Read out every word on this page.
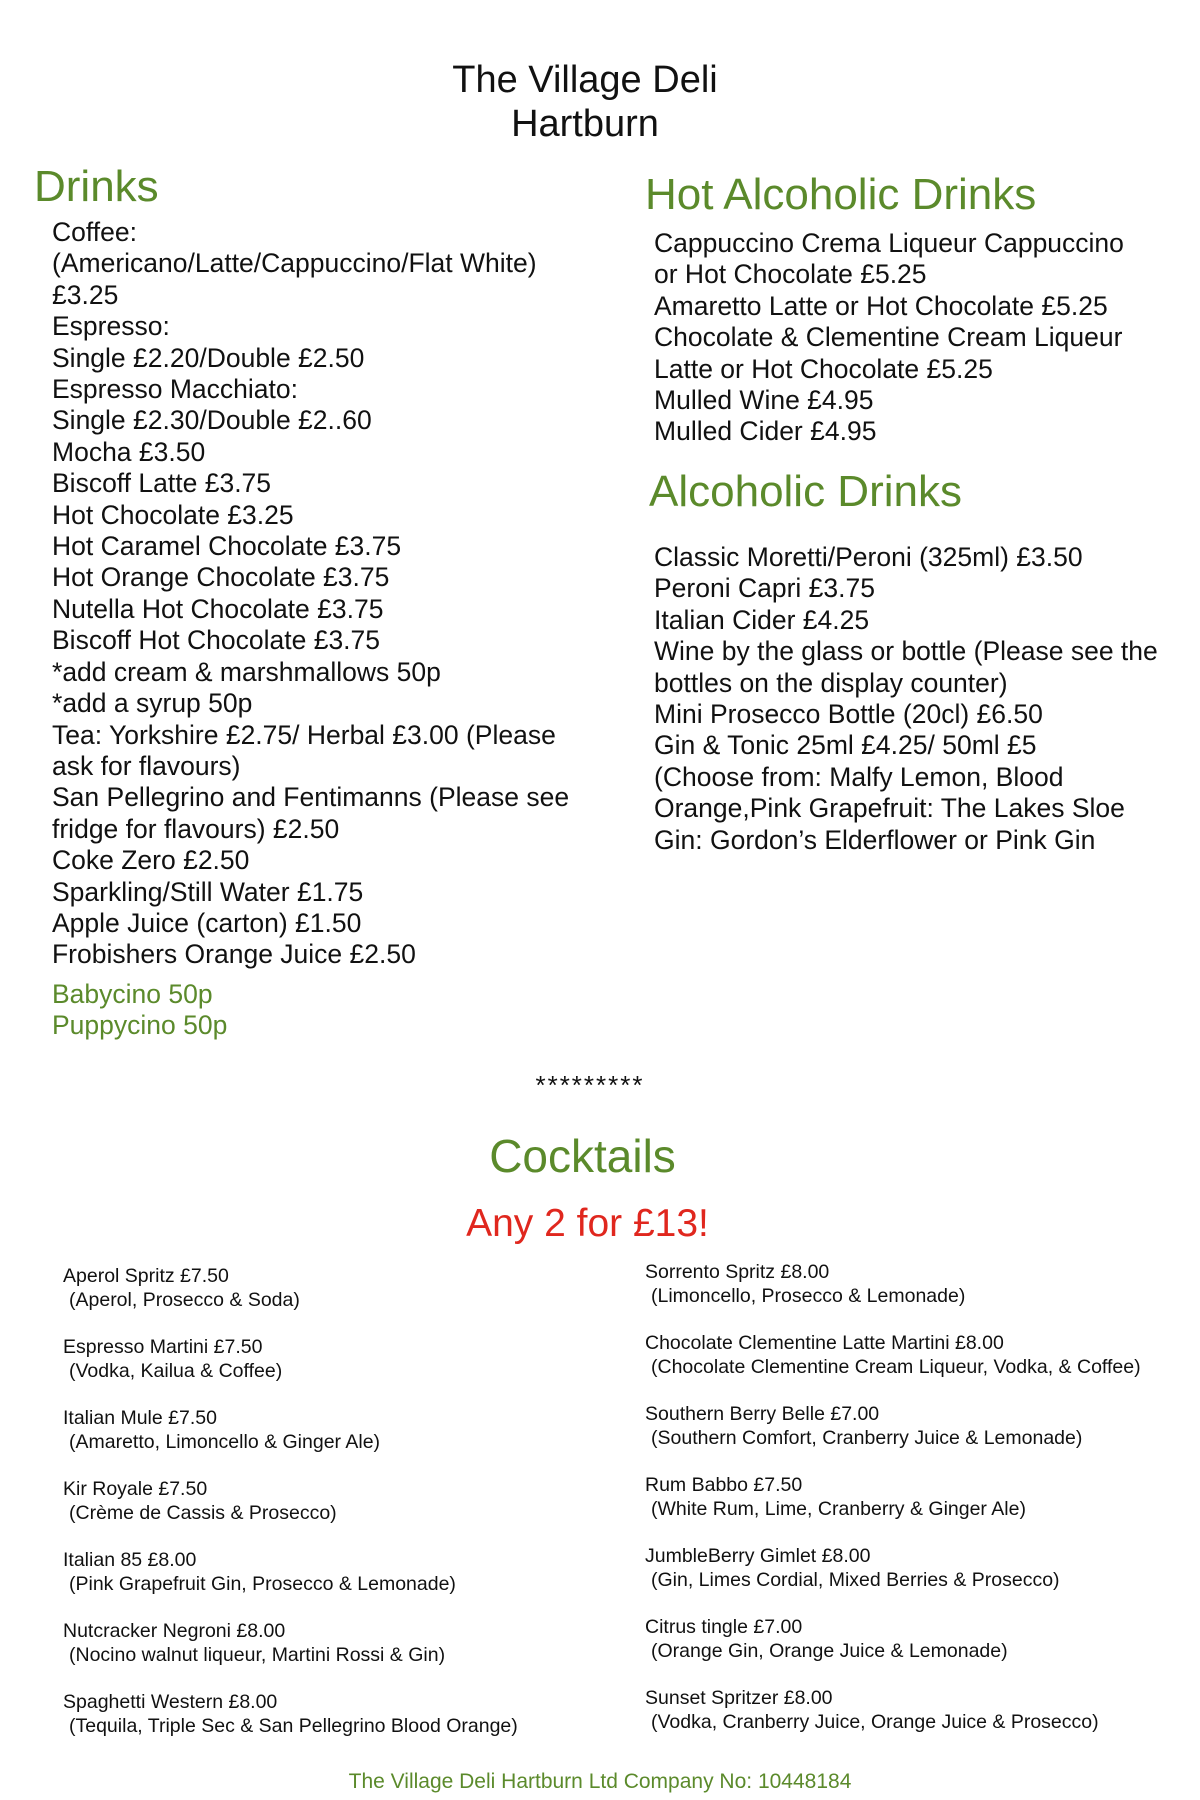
The Village Deli
Hartburn
Drinks
Coffee:
(Americano/Latte/Cappuccino/Flat White)
£3.25
Espresso:
Single £2.20/Double £2.50
Espresso Macchiato:
Single £2.30/Double £2..60
Mocha £3.50
Biscoff Latte £3.75
Hot Chocolate £3.25
Hot Caramel Chocolate £3.75
Hot Orange Chocolate £3.75
Nutella Hot Chocolate £3.75
Biscoff Hot Chocolate £3.75
*add cream & marshmallows 50p
*add a syrup 50p
Tea: Yorkshire £2.75/ Herbal £3.00 (Please
ask for flavours)
San Pellegrino and Fentimanns (Please see
fridge for flavours) £2.50
Coke Zero £2.50
Sparkling/Still Water £1.75
Apple Juice (carton) £1.50
Frobishers Orange Juice £2.50
Babycino 50p
Puppycino 50p
Hot Alcoholic Drinks
Cappuccino Crema Liqueur Cappuccino
or Hot Chocolate £5.25
Amaretto Latte or Hot Chocolate £5.25
Chocolate & Clementine Cream Liqueur
Latte or Hot Chocolate £5.25
Mulled Wine £4.95
Mulled Cider £4.95
Alcoholic Drinks
Classic Moretti/Peroni (325ml) £3.50
Peroni Capri £3.75
Italian Cider £4.25
Wine by the glass or bottle (Please see the
bottles on the display counter)
Mini Prosecco Bottle (20cl) £6.50
Gin & Tonic 25ml £4.25/ 50ml £5
(Choose from: Malfy Lemon, Blood
Orange,Pink Grapefruit: The Lakes Sloe
Gin: Gordon’s Elderflower or Pink Gin
*********
Cocktails
Any 2 for £13!
Aperol Spritz £7.50
(Aperol, Prosecco & Soda)
Espresso Martini £7.50
(Vodka, Kailua & Coffee)
Italian Mule £7.50
(Amaretto, Limoncello & Ginger Ale)
Kir Royale £7.50
(Crème de Cassis & Prosecco)
Italian 85 £8.00
(Pink Grapefruit Gin, Prosecco & Lemonade)
Nutcracker Negroni £8.00
(Nocino walnut liqueur, Martini Rossi & Gin)
Spaghetti Western £8.00
(Tequila, Triple Sec & San Pellegrino Blood Orange)
Sorrento Spritz £8.00
(Limoncello, Prosecco & Lemonade)
Chocolate Clementine Latte Martini £8.00
(Chocolate Clementine Cream Liqueur, Vodka, & Coffee)
Southern Berry Belle £7.00
(Southern Comfort, Cranberry Juice & Lemonade)
Rum Babbo £7.50
(White Rum, Lime, Cranberry & Ginger Ale)
JumbleBerry Gimlet £8.00
(Gin, Limes Cordial, Mixed Berries & Prosecco)
Citrus tingle £7.00
(Orange Gin, Orange Juice & Lemonade)
Sunset Spritzer £8.00
(Vodka, Cranberry Juice, Orange Juice & Prosecco)
The Village Deli Hartburn Ltd Company No: 10448184
